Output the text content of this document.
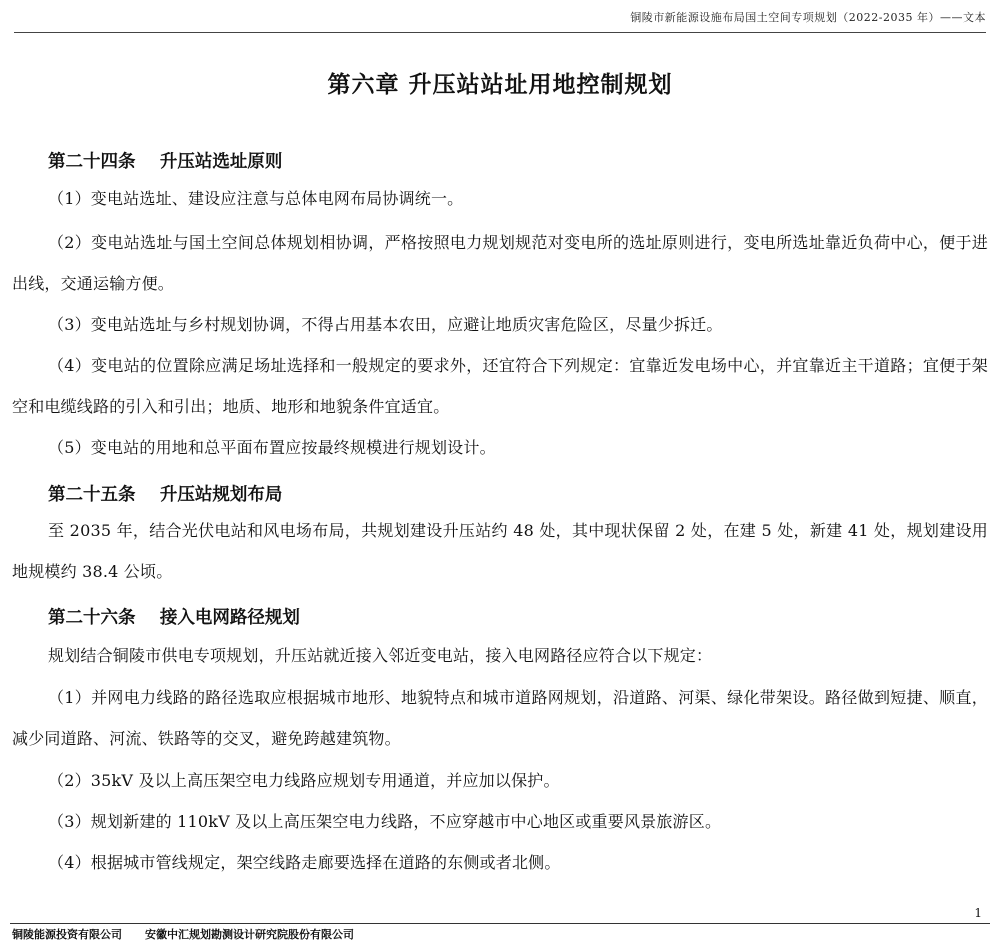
铜陵市新能源设施布局国土空间专项规划（2022-2035 年）——文本
第六章 升压站站址用地控制规划
第二十四条    升压站选址原则

（1）变电站选址、建设应注意与总体电网布局协调统一。

（2）变电站选址与国土空间总体规划相协调，严格按照电力规划规范对变电所的选址原则进行，变电所选址靠近负荷中心，便于进出线，交通运输方便。

（3）变电站选址与乡村规划协调，不得占用基本农田，应避让地质灾害危险区，尽量少拆迁。

（4）变电站的位置除应满足场址选择和一般规定的要求外，还宜符合下列规定：宜靠近发电场中心，并宜靠近主干道路；宜便于架空和电缆线路的引入和引出；地质、地形和地貌条件宜适宜。

（5）变电站的用地和总平面布置应按最终规模进行规划设计。

第二十五条    升压站规划布局

至 2035 年，结合光伏电站和风电场布局，共规划建设升压站约 48 处，其中现状保留 2 处，在建 5 处，新建 41 处，规划建设用地规模约 38.4 公顷。

第二十六条    接入电网路径规划

规划结合铜陵市供电专项规划，升压站就近接入邻近变电站，接入电网路径应符合以下规定：

（1）并网电力线路的路径选取应根据城市地形、地貌特点和城市道路网规划，沿道路、河渠、绿化带架设。路径做到短捷、顺直，减少同道路、河流、铁路等的交叉，避免跨越建筑物。

（2）35kV 及以上高压架空电力线路应规划专用通道，并应加以保护。

（3）规划新建的 110kV 及以上高压架空电力线路，不应穿越市中心地区或重要风景旅游区。

（4）根据城市管线规定，架空线路走廊要选择在道路的东侧或者北侧。

1
铜陵能源投资有限公司      安徽中汇规划勘测设计研究院股份有限公司
